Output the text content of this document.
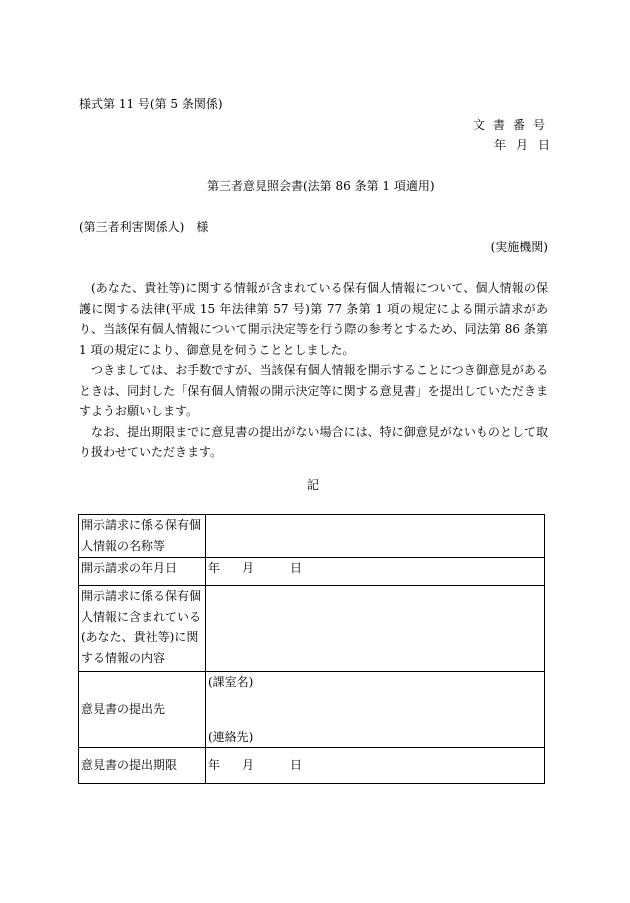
様式第 11 号(第 5 条関係)
文書番号
年月日
第三者意見照会書(法第 86 条第 1 項適用)
(第三者利害関係人)　様
(実施機関)

(あなた、貴社等)に関する情報が含まれている保有個人情報について、個人情報の保護に関する法律(平成 15 年法律第 57 号)第 77 条第 1 項の規定による開示請求があり、当該保有個人情報について開示決定等を行う際の参考とするため、同法第 86 条第 1 項の規定により、御意見を伺うこととしました。

つきましては、お手数ですが、当該保有個人情報を開示することにつき御意見があるときは、同封した「保有個人情報の開示決定等に関する意見書」を提出していただきますようお願いします。

なお、提出期限までに意見書の提出がない場合には、特に御意見がないものとして取り扱わせていただきます。

記
開示請求に係る保有個人情報の名称等	
開示請求の年月日	年 月 日
開示請求に係る保有個人情報に含まれている(あなた、貴社等)に関する情報の内容	
意見書の提出先	(課室名)
(連絡先)

意見書の提出期限	年 月 日
